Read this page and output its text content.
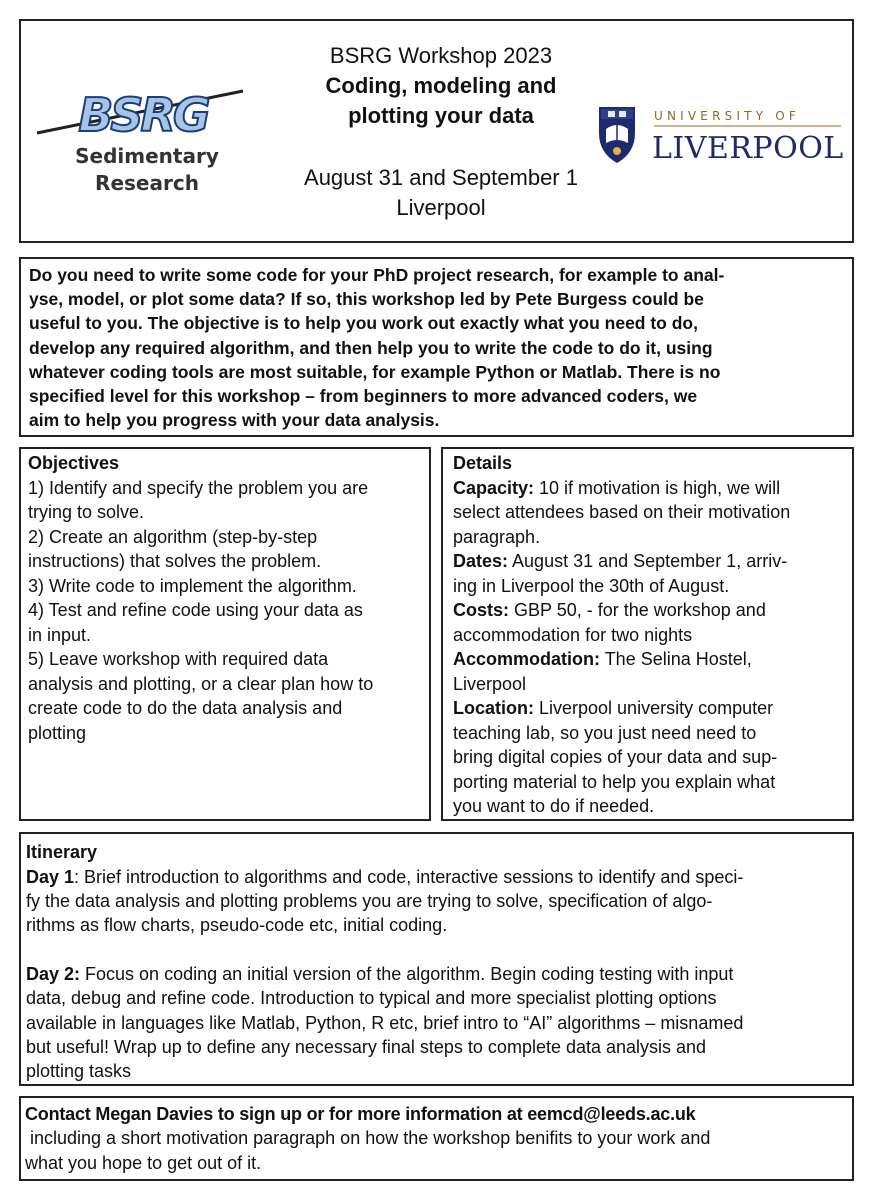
BSRG
Sedimentary
Research
BSRG Workshop 2023
Coding, modeling and
plotting your data
August 31 and September 1
Liverpool
UNIVERSITY OF
LIVERPOOL

Do you need to write some code for your PhD project research, for example to anal-

yse, model, or plot some data? If so, this workshop led by Pete Burgess could be

useful to you. The objective is to help you work out exactly what you need to do,

develop any required algorithm, and then help you to write the code to do it, using

whatever coding tools are most suitable, for example Python or Matlab. There is no

specified level for this workshop – from beginners to more advanced coders, we

aim to help you progress with your data analysis.

Objectives

1) Identify and specify the problem you are

trying to solve.

2) Create an algorithm (step-by-step

instructions) that solves the problem.

3) Write code to implement the algorithm.

4) Test and refine code using your data as

in input.

5) Leave workshop with required data

analysis and plotting, or a clear plan how to

create code to do the data analysis and

plotting

Details

Capacity: 10 if motivation is high, we will

select attendees based on their motivation

paragraph.

Dates: August 31 and September 1, arriv-

ing in Liverpool the 30th of August.

Costs: GBP 50, - for the workshop and

accommodation for two nights

Accommodation: The Selina Hostel,

Liverpool

Location: Liverpool university computer

teaching lab, so you just need need to

bring digital copies of your data and sup-

porting material to help you explain what

you want to do if needed.

Itinerary

Day 1: Brief introduction to algorithms and code, interactive sessions to identify and speci-

fy the data analysis and plotting problems you are trying to solve, specification of algo-

rithms as flow charts, pseudo-code etc, initial coding.

Day 2: Focus on coding an initial version of the algorithm. Begin coding testing with input

data, debug and refine code. Introduction to typical and more specialist plotting options

available in languages like Matlab, Python, R etc, brief intro to “AI” algorithms – misnamed

but useful! Wrap up to define any necessary final steps to complete data analysis and

plotting tasks

Contact Megan Davies to sign up or for more information at eemcd@leeds.ac.uk

including a short motivation paragraph on how the workshop benifits to your work and

what you hope to get out of it.
